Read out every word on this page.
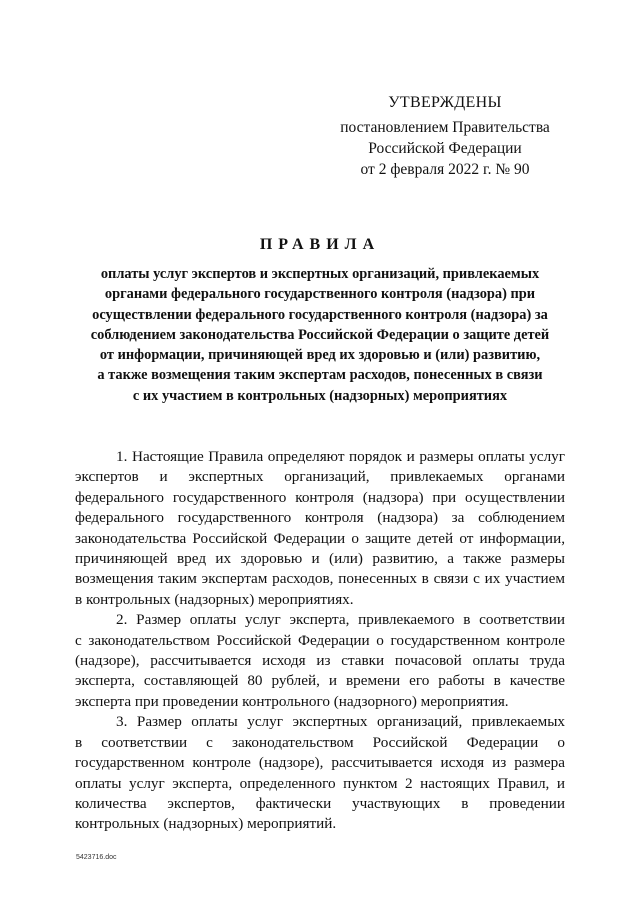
УТВЕРЖДЕНЫ
постановлением Правительства
Российской Федерации
от 2 февраля 2022 г. № 90
ПРАВИЛА
оплаты услуг экспертов и экспертных организаций, привлекаемых
органами федерального государственного контроля (надзора) при
осуществлении федерального государственного контроля (надзора) за
соблюдением законодательства Российской Федерации о защите детей
от информации, причиняющей вред их здоровью и (или) развитию,
а также возмещения таким экспертам расходов, понесенных в связи
с их участием в контрольных (надзорных) мероприятиях
1. Настоящие Правила определяют порядок и размеры оплаты услуг
экспертов и экспертных организаций, привлекаемых органами
федерального государственного контроля (надзора) при осуществлении
федерального государственного контроля (надзора) за соблюдением
законодательства Российской Федерации о защите детей от информации,
причиняющей вред их здоровью и (или) развитию, а также размеры
возмещения таким экспертам расходов, понесенных в связи с их участием
в контрольных (надзорных) мероприятиях.
2. Размер оплаты услуг эксперта, привлекаемого в соответствии
с законодательством Российской Федерации о государственном контроле
(надзоре), рассчитывается исходя из ставки почасовой оплаты труда
эксперта, составляющей 80 рублей, и времени его работы в качестве
эксперта при проведении контрольного (надзорного) мероприятия.
3. Размер оплаты услуг экспертных организаций, привлекаемых
в соответствии с законодательством Российской Федерации о
государственном контроле (надзоре), рассчитывается исходя из размера
оплаты услуг эксперта, определенного пунктом 2 настоящих Правил, и
количества экспертов, фактически участвующих в проведении
контрольных (надзорных) мероприятий.
5423716.doc
